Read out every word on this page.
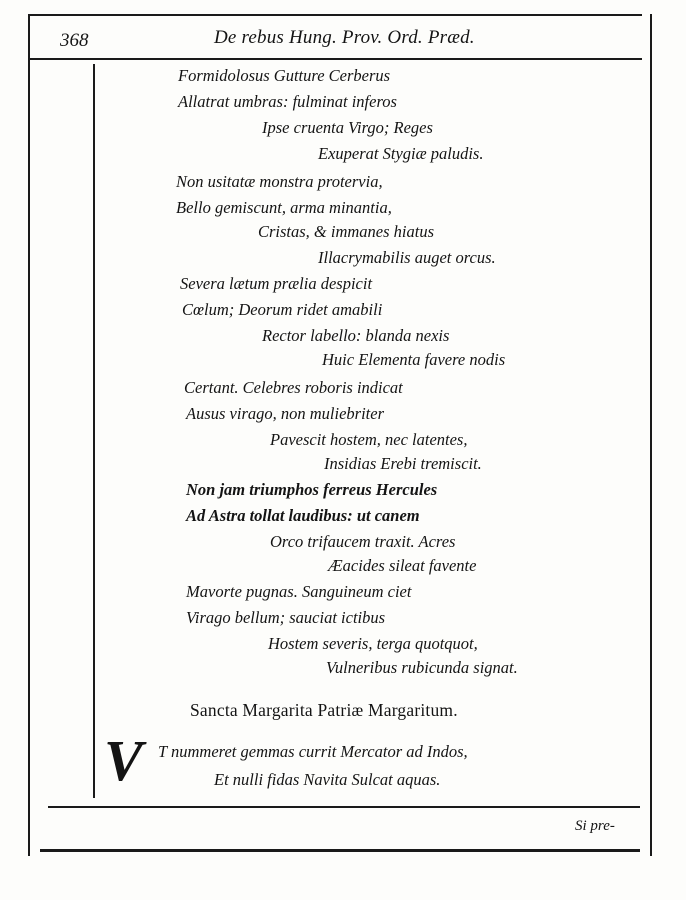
368	De rebus Hung. Prov. Ord. Præd.
Formidolosus Gutture Cerberus
Allatrat umbras: fulminat inferos
Ipse cruenta Virgo; Reges
Exuperat Stygiæ paludis.
Non usitatæ monstra protervia,
Bello gemiscunt, arma minantia,
Cristas, & immanes hiatus
Illacrymabilis auget orcus.
Severa lætum prælia despicit
Cœlum; Deorum ridet amabili
Rector labello: blanda nexis
Huic Elementa favere nodis
Certant. Celebres roboris indicat
Ausus virago, non muliebriter
Pavescit hostem, nec latentes,
Insidias Erebi tremiscit.
Non jam triumphos ferreus Hercules
Ad Astra tollat laudibus: ut canem
Orco trifaucem traxit. Acres
Æacides sileat favente
Mavorte pugnas. Sanguineum ciet
Virago bellum; sauciat ictibus
Hostem severis, terga quotquot,
Vulneribus rubicunda signat.
Sancta Margarita Patriæ Margaritum.
V T nummeret gemmas currit Mercator ad Indos,
Et nulli fidas Navita Sulcat aquas.
Si pre-
